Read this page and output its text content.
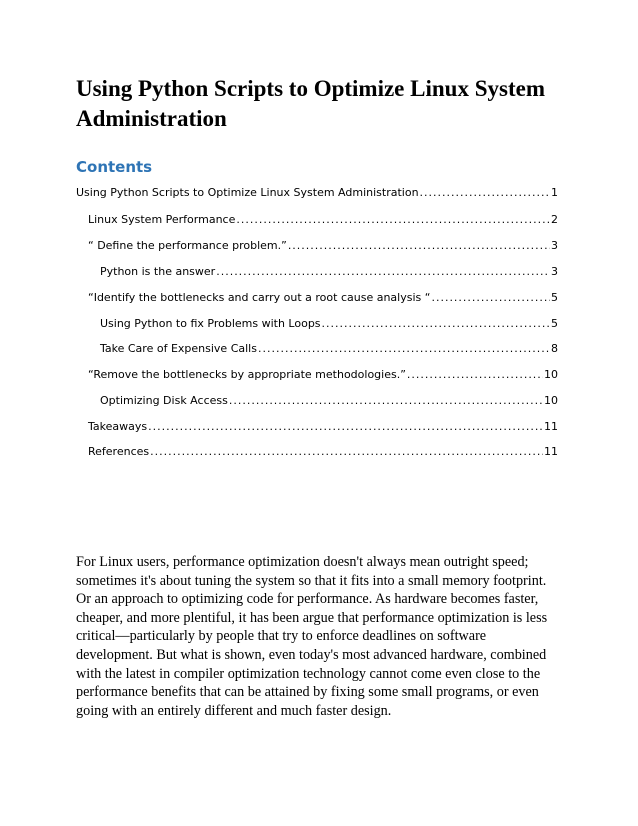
Using Python Scripts to Optimize Linux System Administration
Contents
Using Python Scripts to Optimize Linux System Administration .....	1
Linux System Performance .....	2
“ Define the performance problem.” .....	3
Python is the answer .....	3
“Identify the bottlenecks and carry out a root cause analysis “ .....	5
Using Python to fix Problems with Loops .....	5
Take Care of Expensive Calls .....	8
“Remove the bottlenecks by appropriate methodologies.” .....	10
Optimizing Disk Access .....	10
Takeaways .....	11
References .....	11

For Linux users, performance optimization doesn't always mean outright speed; sometimes it's about tuning the system so that it fits into a small memory footprint. Or an approach to optimizing code for performance. As hardware becomes faster, cheaper, and more plentiful, it has been argue that performance optimization is less critical—particularly by people that try to enforce deadlines on software development. But what is shown, even today's most advanced hardware, combined with the latest in compiler optimization technology cannot come even close to the performance benefits that can be attained by fixing some small programs, or even going with an entirely different and much faster design.
